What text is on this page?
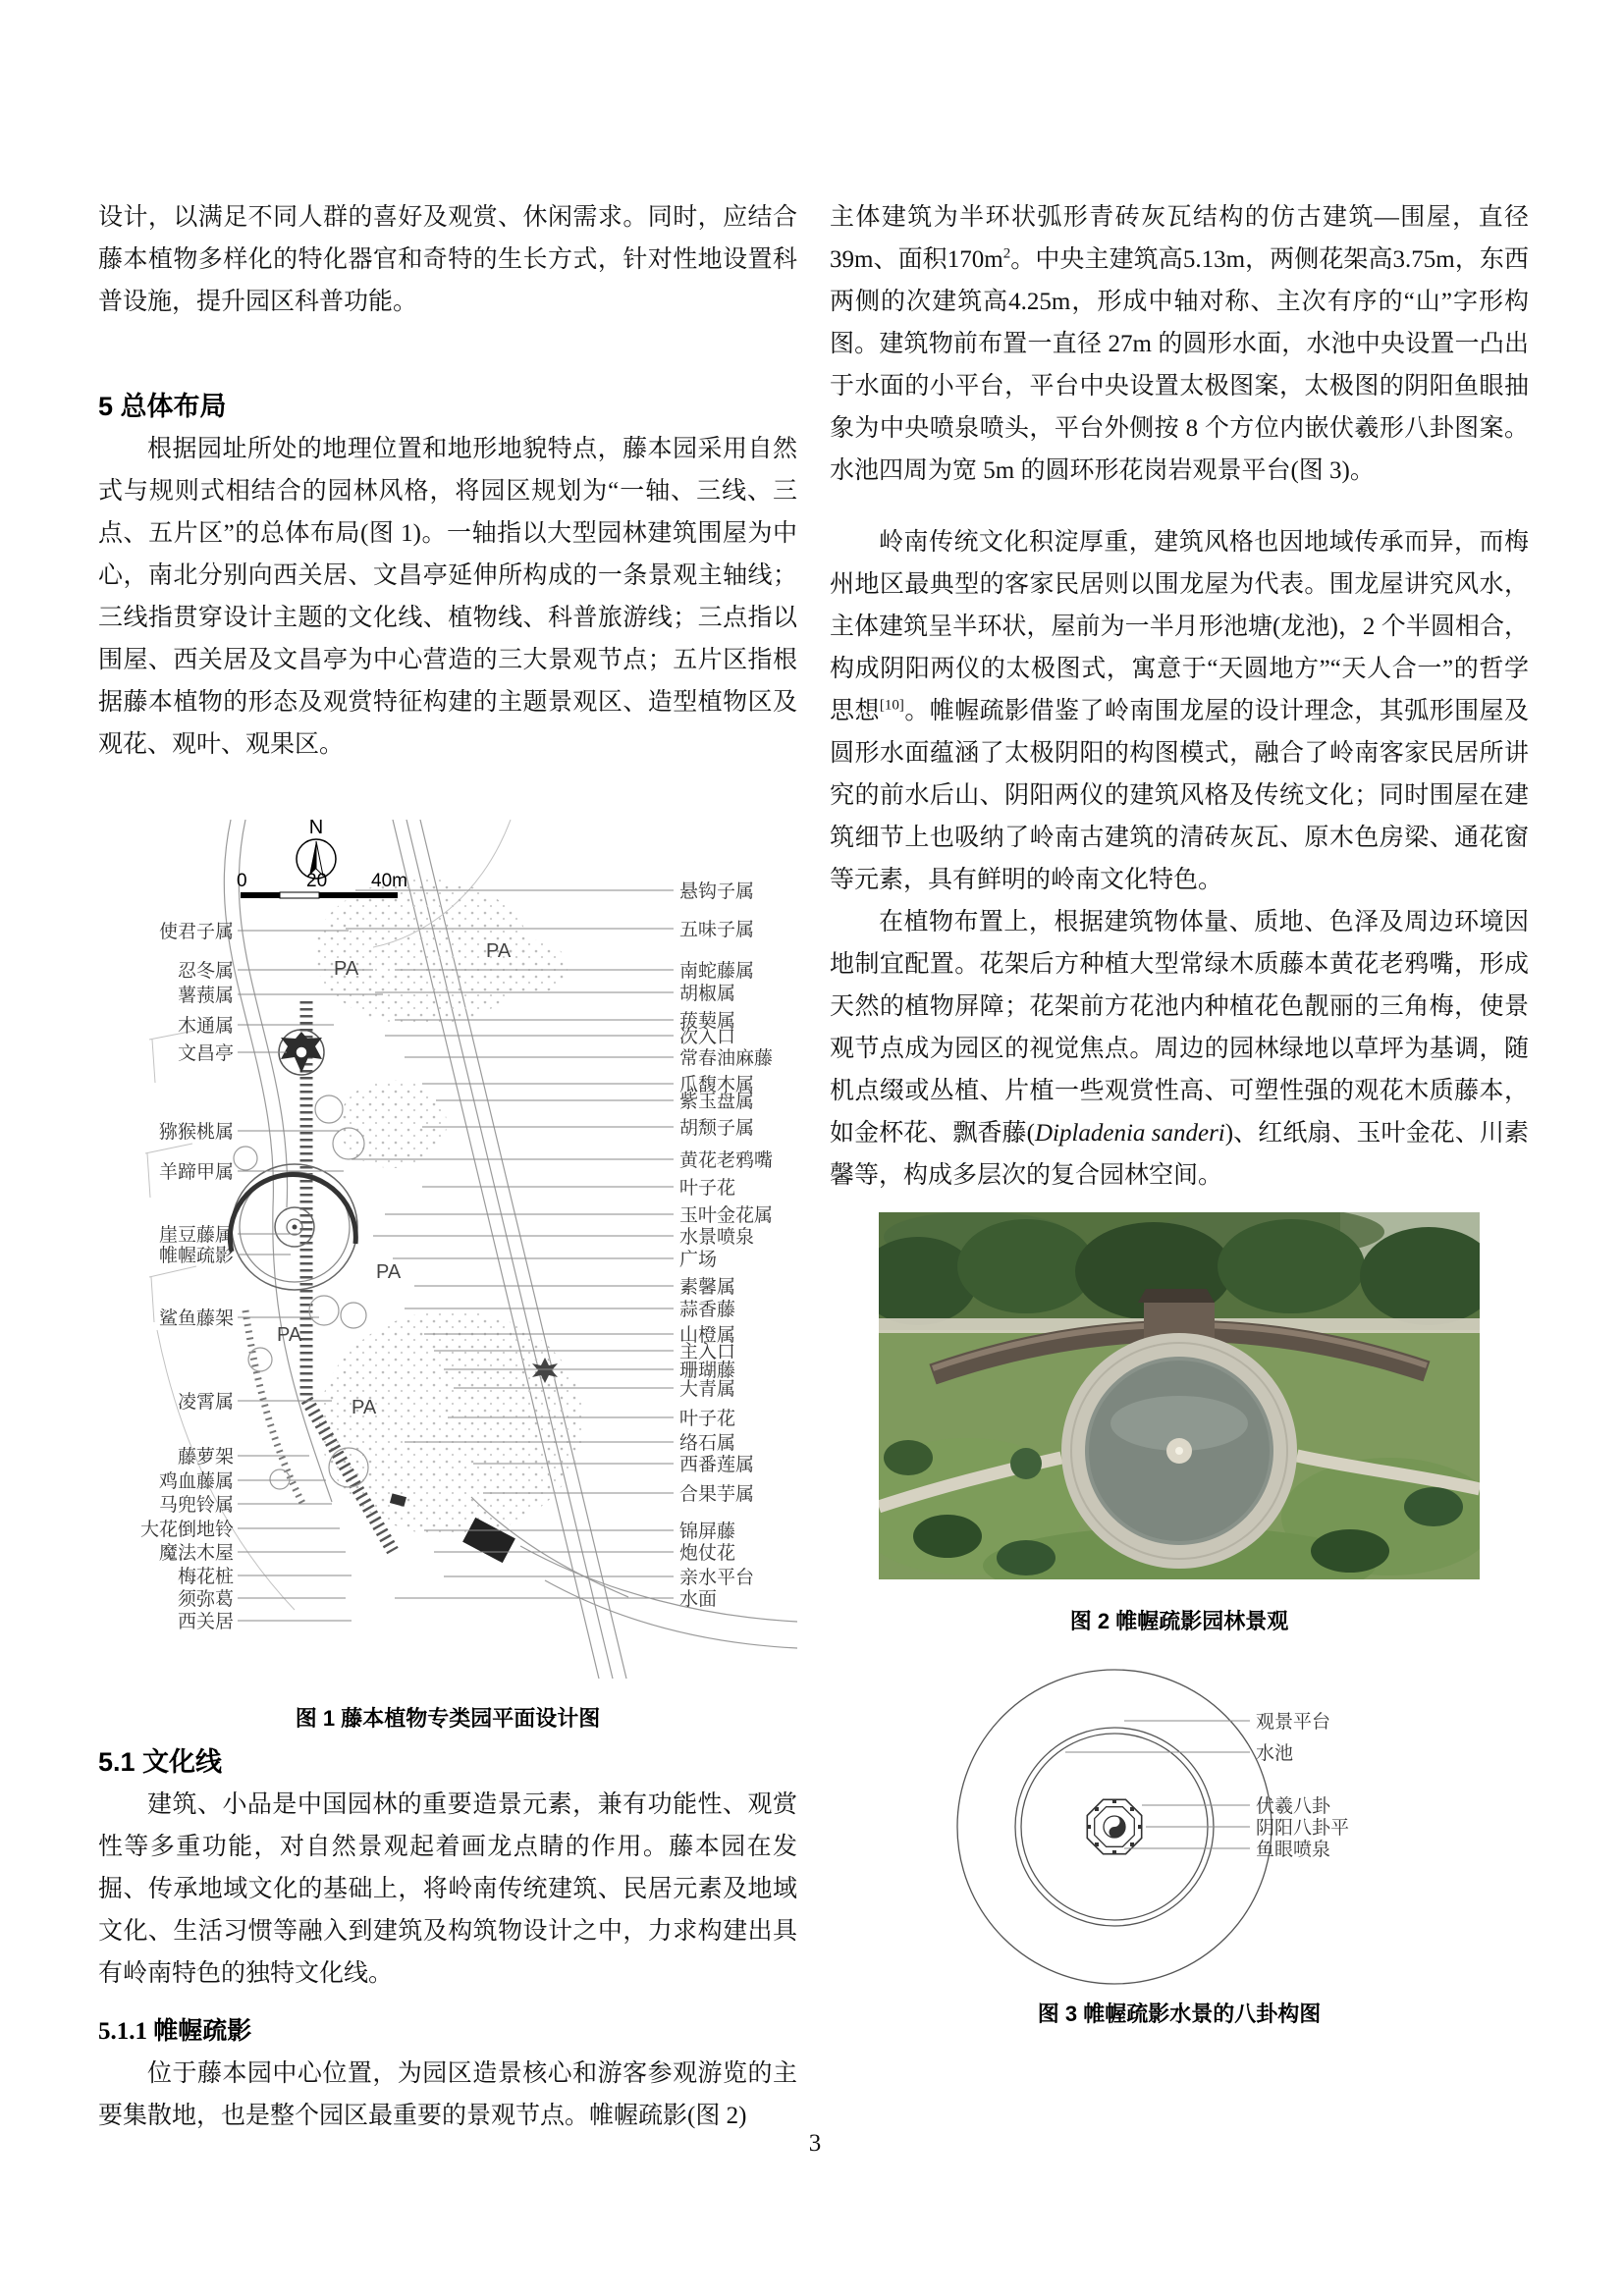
设计，以满足不同人群的喜好及观赏、休闲需求。同时，应结合藤本植物多样化的特化器官和奇特的生长方式，针对性地设置科普设施，提升园区科普功能。

5 总体布局

根据园址所处的地理位置和地形地貌特点，藤本园采用自然式与规则式相结合的园林风格，将园区规划为“一轴、三线、三点、五片区”的总体布局(图 1)。一轴指以大型园林建筑围屋为中心，南北分别向西关居、文昌亭延伸所构成的一条景观主轴线；三线指贯穿设计主题的文化线、植物线、科普旅游线；三点指以围屋、西关居及文昌亭为中心营造的三大景观节点；五片区指根据藤本植物的形态及观赏特征构建的主题景观区、造型植物区及观花、观叶、观果区。

N
0	20 40m
使君子属
忍冬属
薯蓣属
木通属
文昌亭
猕猴桃属
羊蹄甲属
崖豆藤属
帷幄疏影
鲨鱼藤架
凌霄属
藤萝架
鸡血藤属
马兜铃属
大花倒地铃
魔法木屋
梅花桩
须弥葛
西关居
悬钩子属
五味子属
南蛇藤属
胡椒属
菝葜属
次入口
常春油麻藤
瓜馥木属
紫玉盘属
胡颓子属
黄花老鸦嘴
叶子花
玉叶金花属
水景喷泉
广场
素馨属
蒜香藤
山橙属
主入口
珊瑚藤
大青属
叶子花
络石属
西番莲属
合果芋属
锦屏藤
炮仗花
亲水平台
水面
PA
PA
PA
PA
PA
图 1 藤本植物专类园平面设计图
5.1 文化线

建筑、小品是中国园林的重要造景元素，兼有功能性、观赏性等多重功能，对自然景观起着画龙点睛的作用。藤本园在发掘、传承地域文化的基础上，将岭南传统建筑、民居元素及地域文化、生活习惯等融入到建筑及构筑物设计之中，力求构建出具有岭南特色的独特文化线。

5.1.1 帷幄疏影

位于藤本园中心位置，为园区造景核心和游客参观游览的主要集散地，也是整个园区最重要的景观节点。帷幄疏影(图 2)

主体建筑为半环状弧形青砖灰瓦结构的仿古建筑—围屋，直径39m、面积$170m^2$。中央主建筑高5.13m，两侧花架高3.75m，东西两侧的次建筑高4.25m，形成中轴对称、主次有序的“山”字形构图。建筑物前布置一直径 27m 的圆形水面，水池中央设置一凸出于水面的小平台，平台中央设置太极图案，太极图的阴阳鱼眼抽象为中央喷泉喷头，平台外侧按 8 个方位内嵌伏羲形八卦图案。水池四周为宽 5m 的圆环形花岗岩观景平台(图 3)。

岭南传统文化积淀厚重，建筑风格也因地域传承而异，而梅州地区最典型的客家民居则以围龙屋为代表。围龙屋讲究风水，主体建筑呈半环状，屋前为一半月形池塘(龙池)，2 个半圆相合，构成阴阳两仪的太极图式，寓意于“天圆地方”“天人合一”的哲学思想[10]。帷幄疏影借鉴了岭南围龙屋的设计理念，其弧形围屋及圆形水面蕴涵了太极阴阳的构图模式，融合了岭南客家民居所讲究的前水后山、阴阳两仪的建筑风格及传统文化；同时围屋在建筑细节上也吸纳了岭南古建筑的清砖灰瓦、原木色房梁、通花窗等元素，具有鲜明的岭南文化特色。

在植物布置上，根据建筑物体量、质地、色泽及周边环境因地制宜配置。花架后方种植大型常绿木质藤本黄花老鸦嘴，形成天然的植物屏障；花架前方花池内种植花色靓丽的三角梅，使景观节点成为园区的视觉焦点。周边的园林绿地以草坪为基调，随机点缀或丛植、片植一些观赏性高、可塑性强的观花木质藤本，如金杯花、飘香藤(Dipladenia sanderi)、红纸扇、玉叶金花、川素馨等，构成多层次的复合园林空间。

图 2 帷幄疏影园林景观
观景平台
水池
伏羲八卦
阴阳八卦平
鱼眼喷泉
图 3 帷幄疏影水景的八卦构图
3
